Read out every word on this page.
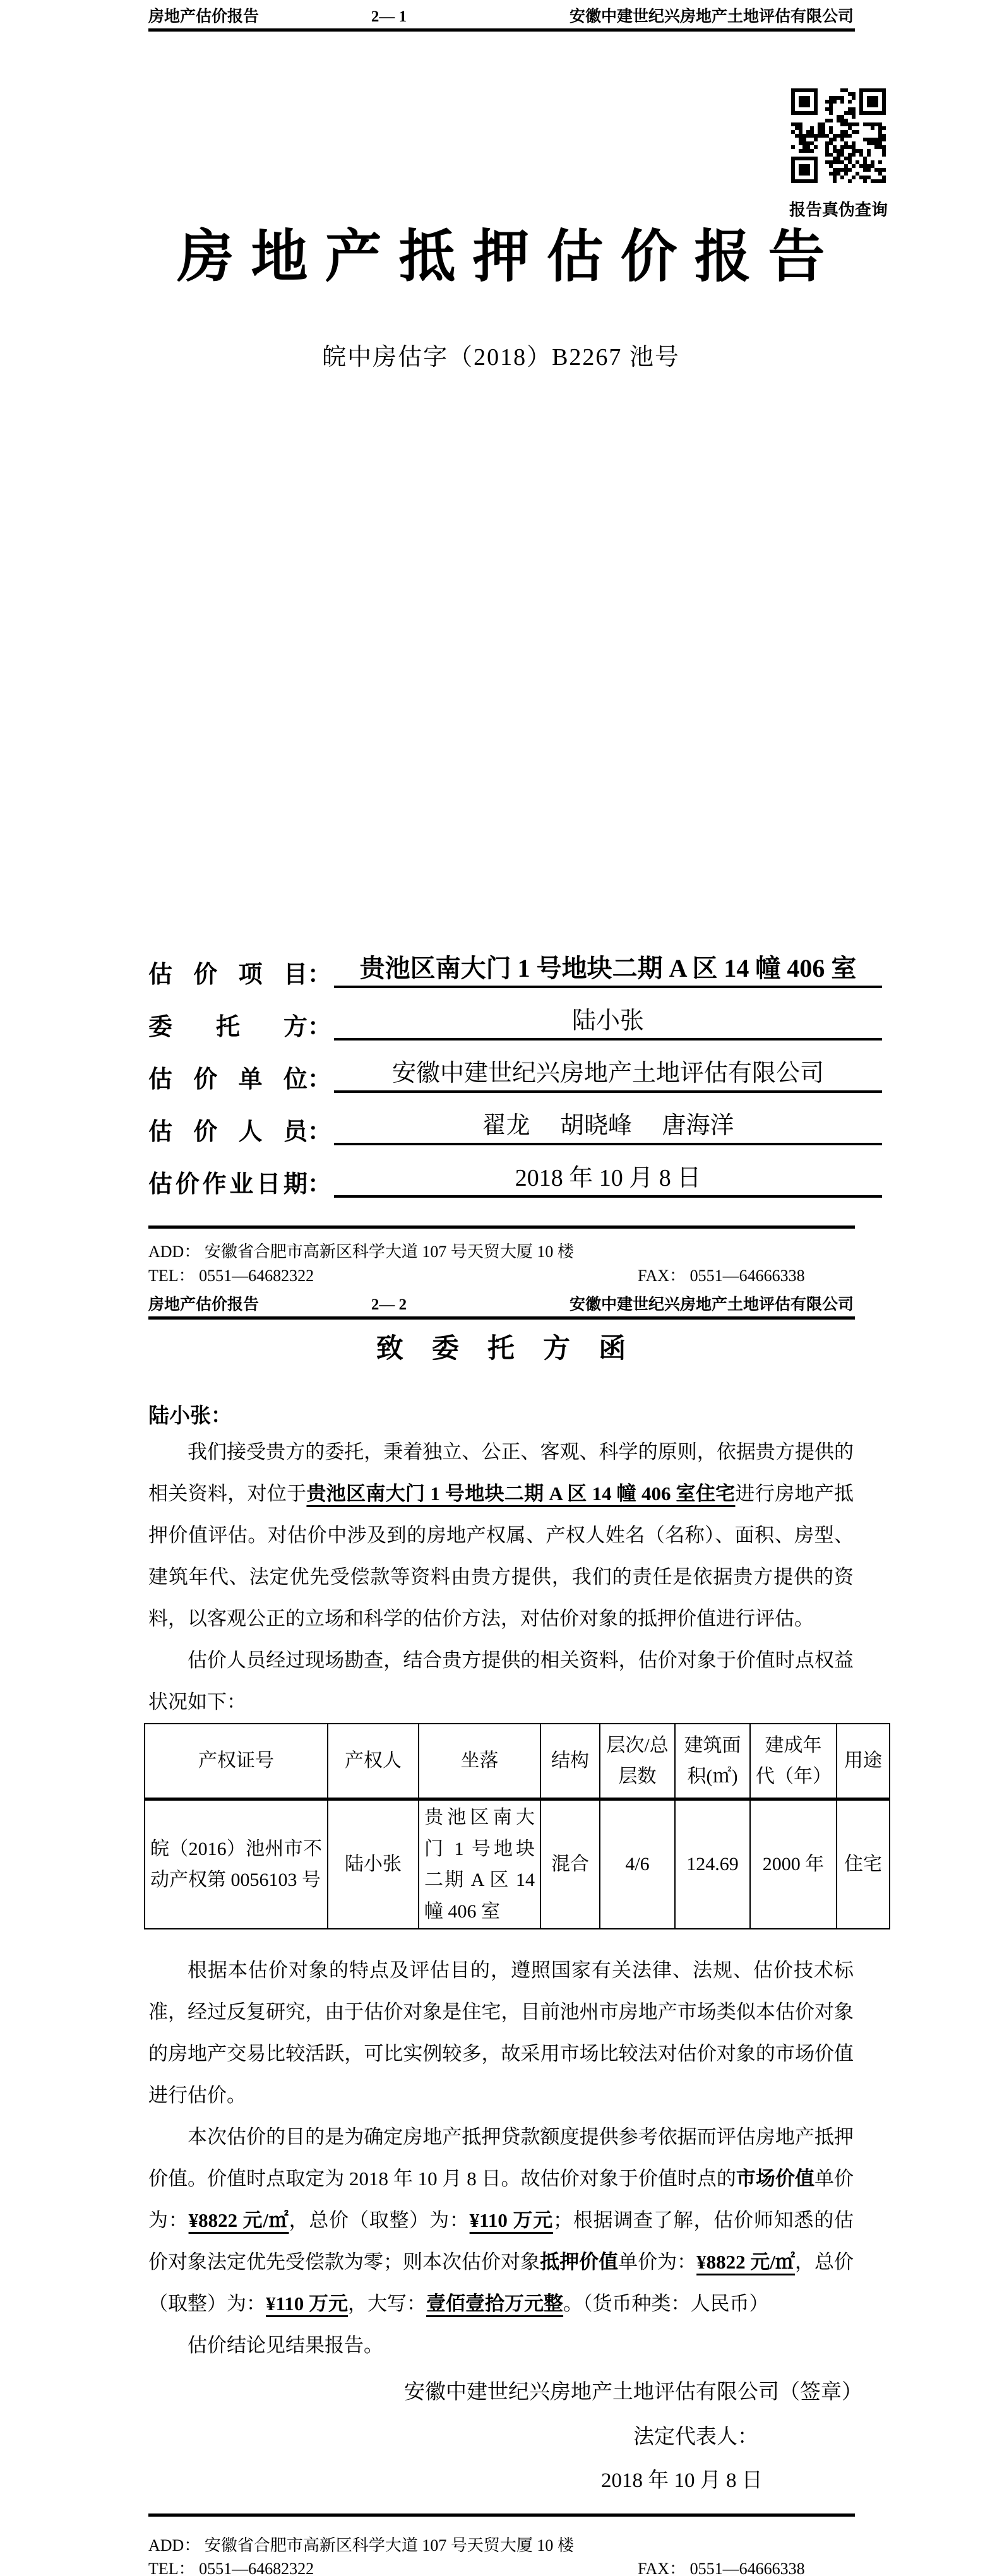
房地产估价报告	2— 1	安徽中建世纪兴房地产土地评估有限公司
报告真伪查询
房地产抵押估价报告
皖中房估字（2018）B2267 池号
估价项目 ：	贵池区南大门 1 号地块二期 A 区 14 幢 406 室
委托方 ：	陆小张
估价单位 ：	安徽中建世纪兴房地产土地评估有限公司
估价人员 ：	翟龙　 胡晓峰　 唐海洋
估价作业日期 ：	2018 年 10 月 8 日
ADD： 安徽省合肥市高新区科学大道 107 号天贸大厦 10 楼
TEL： 0551—64682322	FAX： 0551—64666338
房地产估价报告	2— 2	安徽中建世纪兴房地产土地评估有限公司
致委托方函
陆小张：

我们接受贵方的委托，秉着独立、公正、客观、科学的原则，依据贵方提供的相关资料，对位于贵池区南大门 1 号地块二期 A 区 14 幢 406 室住宅进行房地产抵押价值评估。对估价中涉及到的房地产权属、产权人姓名（名称）、面积、房型、建筑年代、法定优先受偿款等资料由贵方提供，我们的责任是依据贵方提供的资料，以客观公正的立场和科学的估价方法，对估价对象的抵押价值进行评估。

估价人员经过现场勘查，结合贵方提供的相关资料，估价对象于价值时点权益状况如下：

产权证号	产权人	坐落	结构	层次/总层数	建筑面积(㎡)	建成年代（年）	用途
皖（2016）池州市不动产权第 0056103 号	陆小张	贵池区南大门 1 号地块二期 A 区 14 幢 406 室	混合	4/6	124.69	2000 年	住宅

根据本估价对象的特点及评估目的，遵照国家有关法律、法规、估价技术标准，经过反复研究，由于估价对象是住宅，目前池州市房地产市场类似本估价对象的房地产交易比较活跃，可比实例较多，故采用市场比较法对估价对象的市场价值进行估价。

本次估价的目的是为确定房地产抵押贷款额度提供参考依据而评估房地产抵押价值。价值时点取定为 2018 年 10 月 8 日。故估价对象于价值时点的市场价值单价为：¥8822 元/㎡，总价（取整）为：¥110 万元；根据调查了解，估价师知悉的估价对象法定优先受偿款为零；则本次估价对象抵押价值单价为：¥8822 元/㎡，总价（取整）为：¥110 万元，大写：壹佰壹拾万元整。（货币种类：人民币）

估价结论见结果报告。

安徽中建世纪兴房地产土地评估有限公司（签章）
法定代表人：
2018 年 10 月 8 日
ADD： 安徽省合肥市高新区科学大道 107 号天贸大厦 10 楼
TEL： 0551—64682322	FAX： 0551—64666338
